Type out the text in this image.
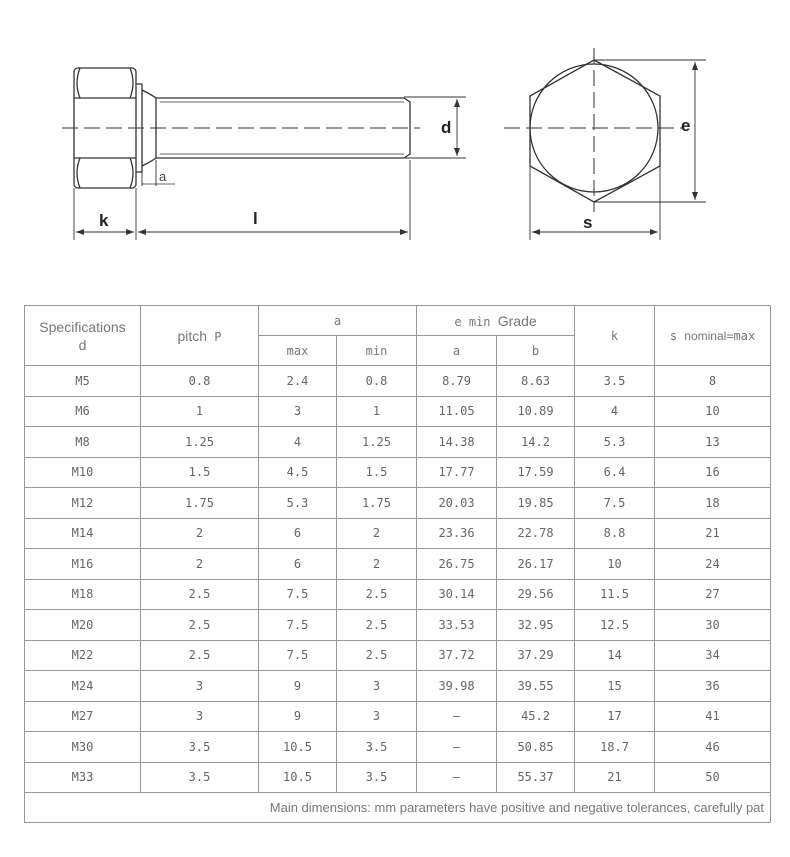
k	l
d
a
s
e
Specifications
d	pitch P	a		e min Grade		k	s nominal=max
		max	min	a	b		
M5	0.8	2.4	0.8	8.79	8.63	3.5	8
M6	1	3	1	11.05	10.89	4	10
M8	1.25	4	1.25	14.38	14.2	5.3	13
M10	1.5	4.5	1.5	17.77	17.59	6.4	16
M12	1.75	5.3	1.75	20.03	19.85	7.5	18
M14	2	6	2	23.36	22.78	8.8	21
M16	2	6	2	26.75	26.17	10	24
M18	2.5	7.5	2.5	30.14	29.56	11.5	27
M20	2.5	7.5	2.5	33.53	32.95	12.5	30
M22	2.5	7.5	2.5	37.72	37.29	14	34
M24	3	9	3	39.98	39.55	15	36
M27	3	9	3	—	45.2	17	41
M30	3.5	10.5	3.5	—	50.85	18.7	46
M33	3.5	10.5	3.5	—	55.37	21	50
Main dimensions: mm parameters have positive and negative tolerances, carefully pat							
